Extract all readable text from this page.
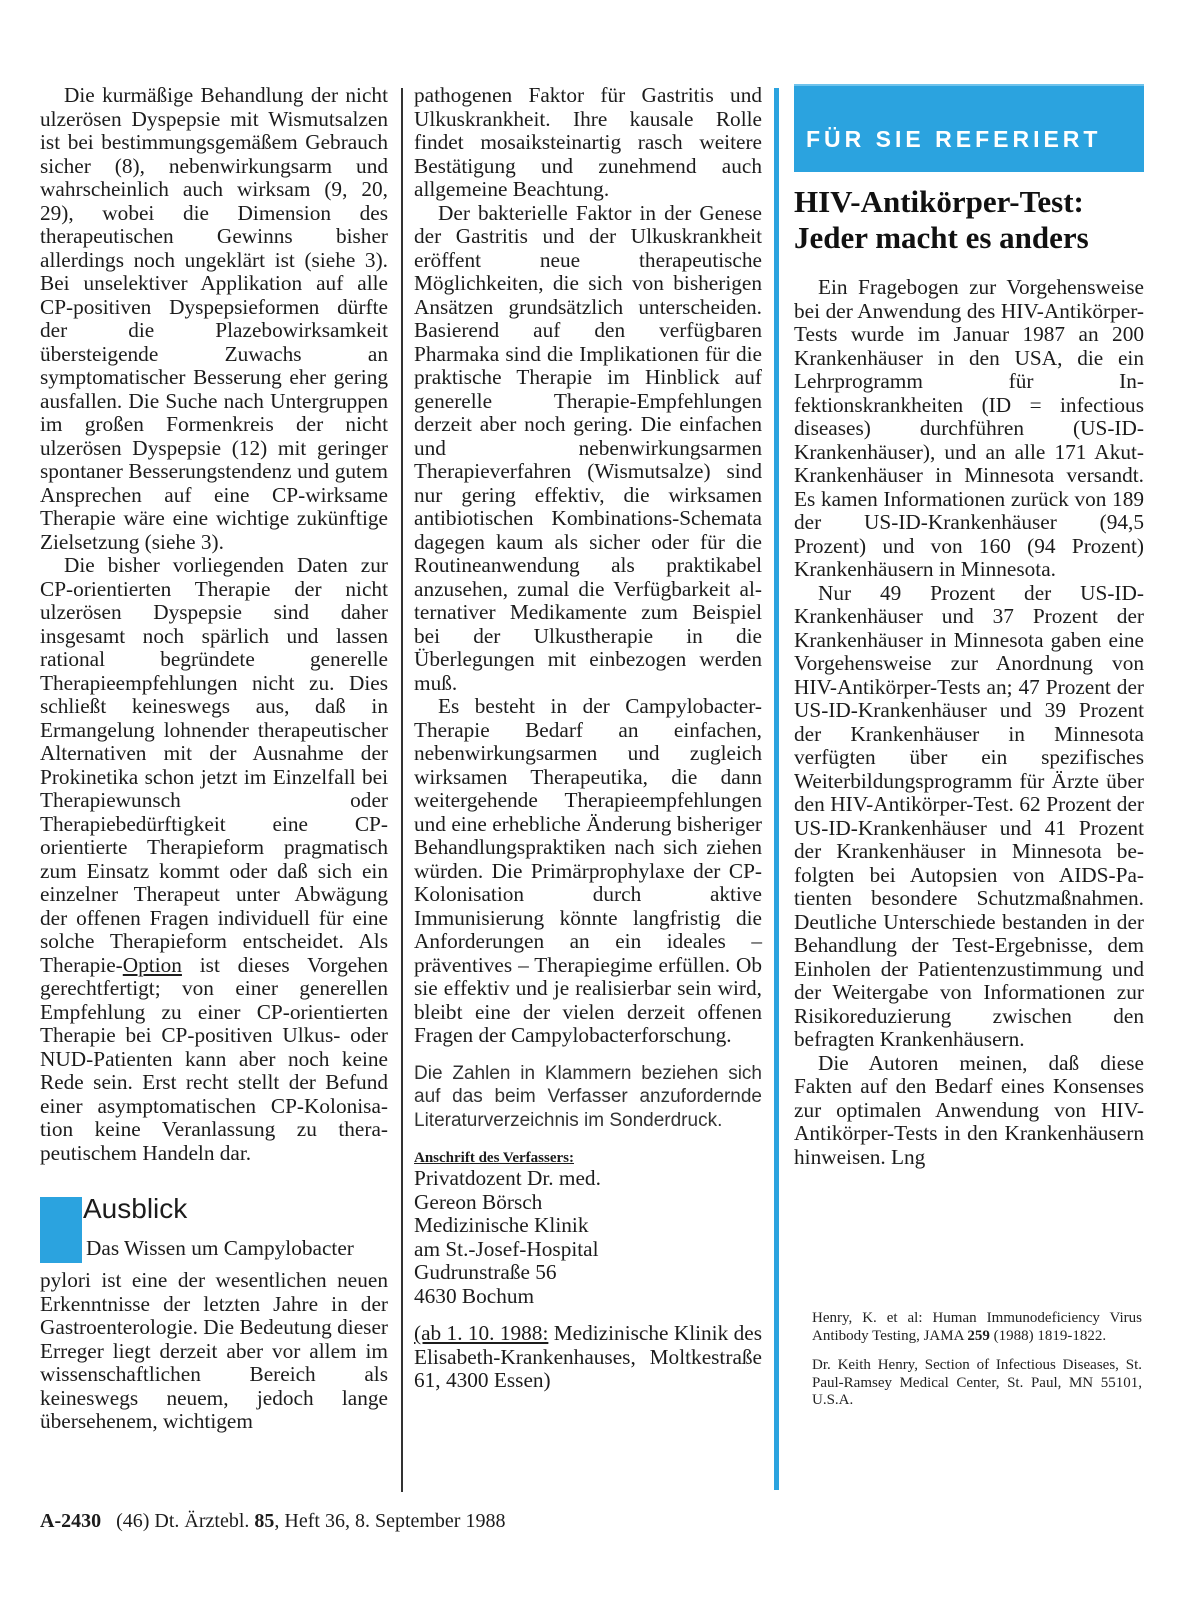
Die kurmäßige Behandlung der nicht ulzerösen Dyspepsie mit Wismutsalzen ist bei bestimmungsgemäßem Gebrauch sicher (8), nebenwirkungsarm und wahrscheinlich auch wirksam (9, 20, 29), wobei die Dimension des therapeutischen Gewinns bisher allerdings noch ungeklärt ist (siehe 3). Bei unselektiver Applikation auf alle CP-positiven Dyspepsieformen dürfte der die Plazebowirksamkeit übersteigende Zuwachs an symptomatischer Besserung eher gering ausfallen. Die Suche nach Untergruppen im großen Formenkreis der nicht ulzerösen Dyspepsie (12) mit geringer spontaner Besserungstendenz und gutem Ansprechen auf eine CP-wirksame Therapie wäre eine wichtige zukünftige Zielsetzung (siehe 3).

Die bisher vorliegenden Daten zur CP-orientierten Therapie der nicht ulzerösen Dyspepsie sind daher insgesamt noch spärlich und lassen rational begründete generelle Therapieempfehlungen nicht zu. Dies schließt keineswegs aus, daß in Ermangelung lohnender therapeutischer Alternativen mit der Ausnahme der Prokinetika schon jetzt im Einzelfall bei Therapiewunsch oder Therapiebedürftigkeit eine CP-orientierte Therapieform pragmatisch zum Einsatz kommt oder daß sich ein einzelner Therapeut unter Abwägung der offenen Fragen individuell für eine solche Therapieform entscheidet. Als Therapie-Option ist dieses Vorgehen gerechtfertigt; von einer generellen Empfehlung zu einer CP-orientierten Therapie bei CP-positiven Ulkus- oder NUD-Patienten kann aber noch keine Rede sein. Erst recht stellt der Befund einer asymptomatischen CP-Kolonisation keine Veranlassung zu therapeutischem Handeln dar.

Ausblick
Das Wissen um Campylobacter

pylori ist eine der wesentlichen neuen Erkenntnisse der letzten Jahre in der Gastroenterologie. Die Bedeutung dieser Erreger liegt derzeit aber vor allem im wissenschaftlichen Bereich als keineswegs neuem, jedoch lange übersehenem, wichtigem

pathogenen Faktor für Gastritis und Ulkuskrankheit. Ihre kausale Rolle findet mosaiksteinartig rasch weitere Bestätigung und zunehmend auch allgemeine Beachtung.

Der bakterielle Faktor in der Genese der Gastritis und der Ulkuskrankheit eröffent neue therapeutische Möglichkeiten, die sich von bisherigen Ansätzen grundsätzlich unterscheiden. Basierend auf den verfügbaren Pharmaka sind die Implikationen für die praktische Therapie im Hinblick auf generelle Therapie-Empfehlungen derzeit aber noch gering. Die einfachen und nebenwirkungsarmen Therapieverfahren (Wismutsalze) sind nur gering effektiv, die wirksamen antibiotischen Kombinations-Schemata dagegen kaum als sicher oder für die Routineanwendung als praktikabel anzusehen, zumal die Verfügbarkeit alternativer Medikamente zum Beispiel bei der Ulkustherapie in die Überlegungen mit einbezogen werden muß.

Es besteht in der Campylobacter-Therapie Bedarf an einfachen, nebenwirkungsarmen und zugleich wirksamen Therapeutika, die dann weitergehende Therapieempfehlungen und eine erhebliche Änderung bisheriger Behandlungspraktiken nach sich ziehen würden. Die Primärprophylaxe der CP-Kolonisation durch aktive Immunisierung könnte langfristig die Anforderungen an ein ideales – präventives – Therapiegime erfüllen. Ob sie effektiv und je realisierbar sein wird, bleibt eine der vielen derzeit offenen Fragen der Campylobacterforschung.

Die Zahlen in Klammern beziehen sich auf das beim Verfasser anzufordernde Literaturverzeichnis im Sonderdruck.
Anschrift des Verfassers:
Privatdozent Dr. med.
Gereon Börsch
Medizinische Klinik
am St.-Josef-Hospital
Gudrunstraße 56
4630 Bochum

(ab 1. 10. 1988: Medizinische Klinik des Elisabeth-Krankenhauses, Moltkestraße 61, 4300 Essen)

FÜR SIE REFERIERT
HIV-Antikörper-Test:
Jeder macht es anders

Ein Fragebogen zur Vorgehensweise bei der Anwendung des HIV-Antikörper-Tests wurde im Januar 1987 an 200 Krankenhäuser in den USA, die ein Lehrprogramm für Infektionskrankheiten (ID = infectious diseases) durchführen (US-ID-Krankenhäuser), und an alle 171 Akut-Krankenhäuser in Minnesota versandt. Es kamen Informationen zurück von 189 der US-ID-Krankenhäuser (94,5 Prozent) und von 160 (94 Prozent) Krankenhäusern in Minnesota.

Nur 49 Prozent der US-ID-Krankenhäuser und 37 Prozent der Krankenhäuser in Minnesota gaben eine Vorgehensweise zur Anordnung von HIV-Antikörper-Tests an; 47 Prozent der US-ID-Krankenhäuser und 39 Prozent der Krankenhäuser in Minnesota verfügten über ein spezifisches Weiterbildungsprogramm für Ärzte über den HIV-Antikörper-Test. 62 Prozent der US-ID-Krankenhäuser und 41 Prozent der Krankenhäuser in Minnesota befolgten bei Autopsien von AIDS-Patienten besondere Schutzmaßnahmen. Deutliche Unterschiede bestanden in der Behandlung der Test-Ergebnisse, dem Einholen der Patientenzustimmung und der Weitergabe von Informationen zur Risikoreduzierung zwischen den befragten Krankenhäusern.

Die Autoren meinen, daß diese Fakten auf den Bedarf eines Konsenses zur optimalen Anwendung von HIV-Antikörper-Tests in den Krankenhäusern hinweisen. Lng

Henry, K. et al: Human Immunodeficiency Virus Antibody Testing, JAMA 259 (1988) 1819-1822.

Dr. Keith Henry, Section of Infectious Diseases, St. Paul-Ramsey Medical Center, St. Paul, MN 55101, U.S.A.

A-2430 (46) Dt. Ärztebl. 85, Heft 36, 8. September 1988
